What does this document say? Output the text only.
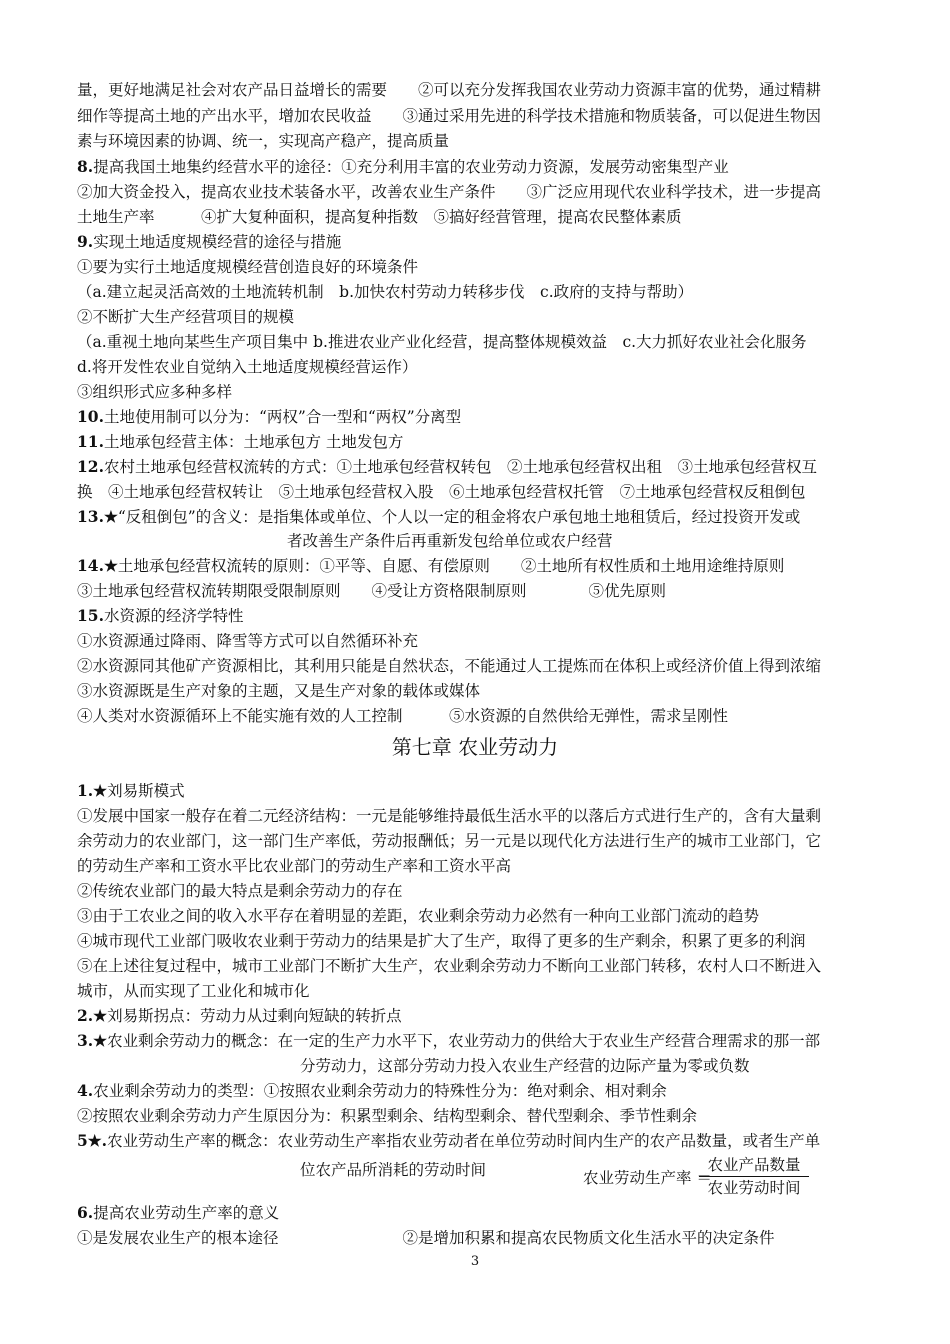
量，更好地满足社会对农产品日益增长的需要　　②可以充分发挥我国农业劳动力资源丰富的优势，通过精耕
细作等提高土地的产出水平，增加农民收益　　③通过采用先进的科学技术措施和物质装备，可以促进生物因
素与环境因素的协调、统一，实现高产稳产，提高质量
8.提高我国土地集约经营水平的途径：①充分利用丰富的农业劳动力资源，发展劳动密集型产业
②加大资金投入，提高农业技术装备水平，改善农业生产条件　　③广泛应用现代农业科学技术，进一步提高
土地生产率　　　④扩大复种面积，提高复种指数　⑤搞好经营管理，提高农民整体素质
9.实现土地适度规模经营的途径与措施
①要为实行土地适度规模经营创造良好的环境条件
（a.建立起灵活高效的土地流转机制　b.加快农村劳动力转移步伐　c.政府的支持与帮助）
②不断扩大生产经营项目的规模
（a.重视土地向某些生产项目集中 b.推进农业产业化经营，提高整体规模效益　c.大力抓好农业社会化服务
d.将开发性农业自觉纳入土地适度规模经营运作）
③组织形式应多种多样
10.土地使用制可以分为：“两权”合一型和“两权”分离型
11.土地承包经营主体：土地承包方 土地发包方
12.农村土地承包经营权流转的方式：①土地承包经营权转包　②土地承包经营权出租　③土地承包经营权互
换　④土地承包经营权转让　⑤土地承包经营权入股　⑥土地承包经营权托管　⑦土地承包经营权反租倒包
13.★“反租倒包”的含义：是指集体或单位、个人以一定的租金将农户承包地土地租赁后，经过投资开发或
者改善生产条件后再重新发包给单位或农户经营
14.★土地承包经营权流转的原则：①平等、自愿、有偿原则　　②土地所有权性质和土地用途维持原则
③土地承包经营权流转期限受限制原则　　④受让方资格限制原则　　　　⑤优先原则
15.水资源的经济学特性
①水资源通过降雨、降雪等方式可以自然循环补充
②水资源同其他矿产资源相比，其利用只能是自然状态，不能通过人工提炼而在体积上或经济价值上得到浓缩
③水资源既是生产对象的主题，又是生产对象的载体或媒体
④人类对水资源循环上不能实施有效的人工控制　　　⑤水资源的自然供给无弹性，需求呈刚性
第七章 农业劳动力
1.★刘易斯模式
①发展中国家一般存在着二元经济结构：一元是能够维持最低生活水平的以落后方式进行生产的，含有大量剩
余劳动力的农业部门，这一部门生产率低，劳动报酬低；另一元是以现代化方法进行生产的城市工业部门，它
的劳动生产率和工资水平比农业部门的劳动生产率和工资水平高
②传统农业部门的最大特点是剩余劳动力的存在
③由于工农业之间的收入水平存在着明显的差距，农业剩余劳动力必然有一种向工业部门流动的趋势
④城市现代工业部门吸收农业剩于劳动力的结果是扩大了生产，取得了更多的生产剩余，积累了更多的利润
⑤在上述往复过程中，城市工业部门不断扩大生产，农业剩余劳动力不断向工业部门转移，农村人口不断进入
城市，从而实现了工业化和城市化
2.★刘易斯拐点：劳动力从过剩向短缺的转折点
3.★农业剩余劳动力的概念：在一定的生产力水平下，农业劳动力的供给大于农业生产经营合理需求的那一部
分劳动力，这部分劳动力投入农业生产经营的边际产量为零或负数
4.农业剩余劳动力的类型：①按照农业剩余劳动力的特殊性分为：绝对剩余、相对剩余
②按照农业剩余劳动力产生原因分为：积累型剩余、结构型剩余、替代型剩余、季节性剩余
5★.农业劳动生产率的概念：农业劳动生产率指农业劳动者在单位劳动时间内生产的农产品数量，或者生产单
位农产品所消耗的劳动时间	农业劳动生产率 ＝
农业产品数量
农业劳动时间
6.提高农业劳动生产率的意义
①是发展农业生产的根本途径　　　　　　　　②是增加积累和提高农民物质文化生活水平的决定条件
3
